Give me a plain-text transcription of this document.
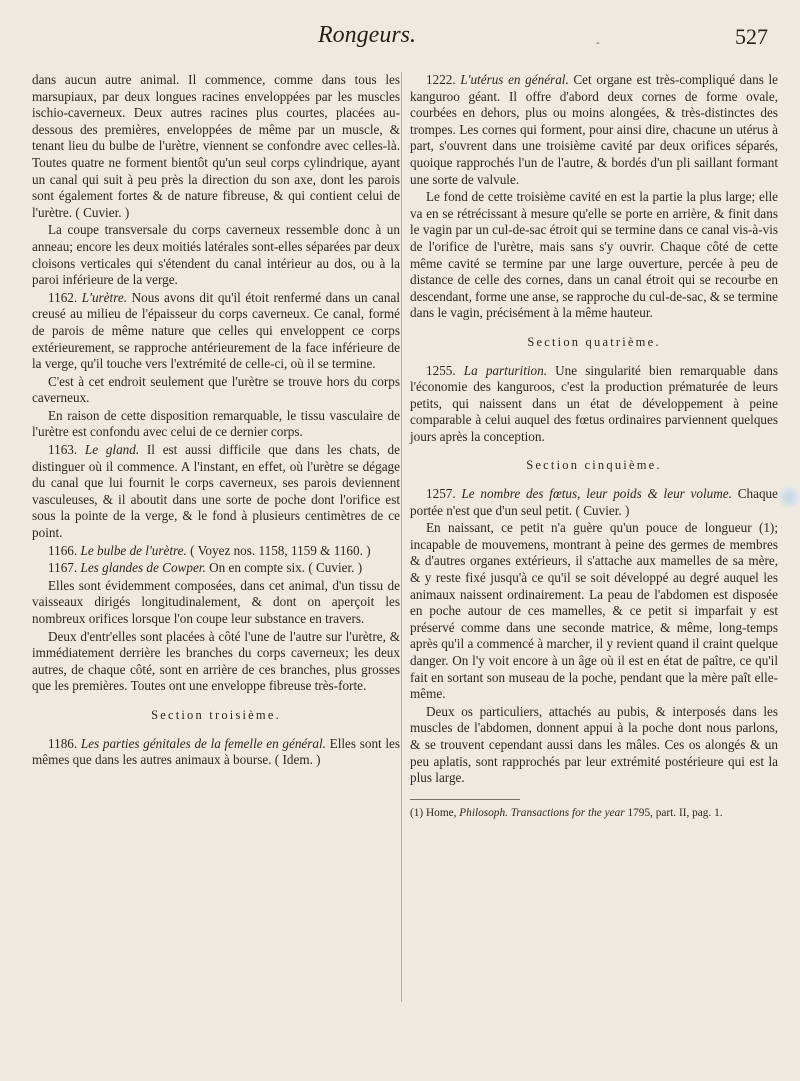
Rongeurs.	-	527

dans aucun autre animal. Il commence, comme dans tous les marsupiaux, par deux longues racines enveloppées par les muscles ischio-caverneux. Deux autres racines plus courtes, placées au-dessous des premières, enveloppées de même par un muscle, & tenant lieu du bulbe de l'urètre, viennent se confondre avec celles-là. Toutes quatre ne forment bientôt qu'un seul corps cylindrique, ayant un canal qui suit à peu près la direction du son axe, dont les parois sont également fortes & de nature fibreuse, & qui contient celui de l'urètre. ( Cuvier. )

La coupe transversale du corps caverneux ressemble donc à un anneau; encore les deux moitiés latérales sont-elles séparées par deux cloisons verticales qui s'étendent du canal intérieur au dos, ou à la paroi inférieure de la verge.

1162. L'urètre. Nous avons dit qu'il étoit renfermé dans un canal creusé au milieu de l'épaisseur du corps caverneux. Ce canal, formé de parois de même nature que celles qui enveloppent ce corps extérieurement, se rapproche antérieurement de la face inférieure de la verge, qu'il touche vers l'extrémité de celle-ci, où il se termine.

C'est à cet endroit seulement que l'urètre se trouve hors du corps caverneux.

En raison de cette disposition remarquable, le tissu vasculaire de l'urètre est confondu avec celui de ce dernier corps.

1163. Le gland. Il est aussi difficile que dans les chats, de distinguer où il commence. A l'instant, en effet, où l'urètre se dégage du canal que lui fournit le corps caverneux, ses parois deviennent vasculeuses, & il aboutit dans une sorte de poche dont l'orifice est sous la pointe de la verge, & le fond à plusieurs centimètres de ce point.

1166. Le bulbe de l'urètre. ( Voyez nos. 1158, 1159 & 1160. )

1167. Les glandes de Cowper. On en compte six. ( Cuvier. )

Elles sont évidemment composées, dans cet animal, d'un tissu de vaisseaux dirigés longitudinalement, & dont on aperçoit les nombreux orifices lorsque l'on coupe leur substance en travers.

Deux d'entr'elles sont placées à côté l'une de l'autre sur l'urètre, & immédiatement derrière les branches du corps caverneux; les deux autres, de chaque côté, sont en arrière de ces branches, plus grosses que les premières. Toutes ont une enveloppe fibreuse très-forte.

Section troisième.

1186. Les parties génitales de la femelle en général. Elles sont les mêmes que dans les autres animaux à bourse. ( Idem. )

1222. L'utérus en général. Cet organe est très-compliqué dans le kanguroo géant. Il offre d'abord deux cornes de forme ovale, courbées en dehors, plus ou moins alongées, & très-distinctes des trompes. Les cornes qui forment, pour ainsi dire, chacune un utérus à part, s'ouvrent dans une troisième cavité par deux orifices séparés, quoique rapprochés l'un de l'autre, & bordés d'un pli saillant formant une sorte de valvule.

Le fond de cette troisième cavité en est la partie la plus large; elle va en se rétrécissant à mesure qu'elle se porte en arrière, & finit dans le vagin par un cul-de-sac étroit qui se termine dans ce canal vis-à-vis de l'orifice de l'urètre, mais sans s'y ouvrir. Chaque côté de cette même cavité se termine par une large ouverture, percée à peu de distance de celle des cornes, dans un canal étroit qui se recourbe en descendant, forme une anse, se rapproche du cul-de-sac, & se termine dans le vagin, précisément à la même hauteur.

Section quatrième.

1255. La parturition. Une singularité bien remarquable dans l'économie des kanguroos, c'est la production prématurée de leurs petits, qui naissent dans un état de développement à peine comparable à celui auquel des fœtus ordinaires parviennent quelques jours après la conception.

Section cinquième.

1257. Le nombre des fœtus, leur poids & leur volume. Chaque portée n'est que d'un seul petit. ( Cuvier. )

En naissant, ce petit n'a guère qu'un pouce de longueur (1); incapable de mouvemens, montrant à peine des germes de membres & d'autres organes extérieurs, il s'attache aux mamelles de sa mère, & y reste fixé jusqu'à ce qu'il se soit développé au degré auquel les animaux naissent ordinairement. La peau de l'abdomen est disposée en poche autour de ces mamelles, & ce petit si imparfait y est préservé comme dans une seconde matrice, & même, long-temps après qu'il a commencé à marcher, il y revient quand il craint quelque danger. On l'y voit encore à un âge où il est en état de paître, ce qu'il fait en sortant son museau de la poche, pendant que la mère paît elle-même.

Deux os particuliers, attachés au pubis, & interposés dans les muscles de l'abdomen, donnent appui à la poche dont nous parlons, & se trouvent cependant aussi dans les mâles. Ces os alongés & un peu aplatis, sont rapprochés par leur extrémité postérieure qui est la plus large.

(1) Home, Philosoph. Transactions for the year 1795, part. II, pag. 1.
